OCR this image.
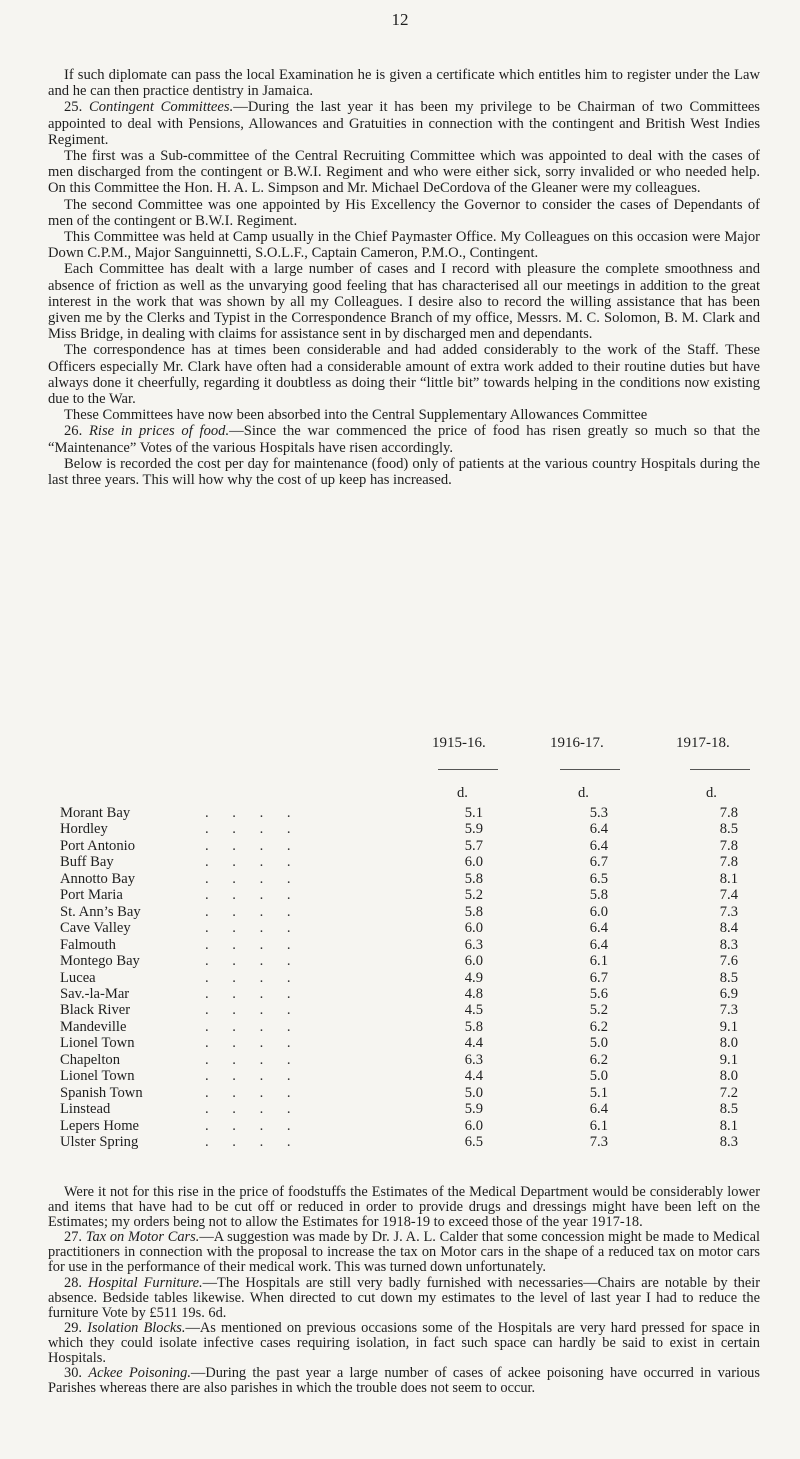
12

If such diplomate can pass the local Examination he is given a certificate which entitles him to register under the Law and he can then practice dentistry in Jamaica.

25. Contingent Committees.—During the last year it has been my privilege to be Chairman of two Committees appointed to deal with Pensions, Allowances and Gratuities in connection with the contingent and British West Indies Regiment.

The first was a Sub-committee of the Central Recruiting Committee which was appointed to deal with the cases of men discharged from the contingent or B.W.I. Regiment and who were either sick, sorry invalided or who needed help. On this Committee the Hon. H. A. L. Simpson and Mr. Michael DeCordova of the Gleaner were my colleagues.

The second Committee was one appointed by His Excellency the Governor to consider the cases of Dependants of men of the contingent or B.W.I. Regiment.

This Committee was held at Camp usually in the Chief Paymaster Office. My Colleagues on this occasion were Major Down C.P.M., Major Sanguinnetti, S.O.L.F., Captain Cameron, P.M.O., Contingent.

Each Committee has dealt with a large number of cases and I record with pleasure the complete smoothness and absence of friction as well as the unvarying good feeling that has characterised all our meetings in addition to the great interest in the work that was shown by all my Colleagues. I desire also to record the willing assistance that has been given me by the Clerks and Typist in the Correspondence Branch of my office, Messrs. M. C. Solomon, B. M. Clark and Miss Bridge, in dealing with claims for assistance sent in by discharged men and dependants.

The correspondence has at times been considerable and had added considerably to the work of the Staff. These Officers especially Mr. Clark have often had a considerable amount of extra work added to their routine duties but have always done it cheerfully, regarding it doubtless as doing their “little bit” towards helping in the conditions now existing due to the War.

These Committees have now been absorbed into the Central Supplementary Allowances Committee

26. Rise in prices of food.—Since the war commenced the price of food has risen greatly so much so that the “Maintenance” Votes of the various Hospitals have risen accordingly.

Below is recorded the cost per day for maintenance (food) only of patients at the various country Hospitals during the last three years. This will how why the cost of up keep has increased.

1915-16.	1916-17.	1917-18.
d.	d.	d.
Morant Bay	. . . .	5.1	5.3	7.8
Hordley	. . . .	5.9	6.4	8.5
Port Antonio	. . . .	5.7	6.4	7.8
Buff Bay	. . . .	6.0	6.7	7.8
Annotto Bay	. . . .	5.8	6.5	8.1
Port Maria	. . . .	5.2	5.8	7.4
St. Ann’s Bay	. . . .	5.8	6.0	7.3
Cave Valley	. . . .	6.0	6.4	8.4
Falmouth	. . . .	6.3	6.4	8.3
Montego Bay	. . . .	6.0	6.1	7.6
Lucea	. . . .	4.9	6.7	8.5
Sav.-la-Mar	. . . .	4.8	5.6	6.9
Black River	. . . .	4.5	5.2	7.3
Mandeville	. . . .	5.8	6.2	9.1
Lionel Town	. . . .	4.4	5.0	8.0
Chapelton	. . . .	6.3	6.2	9.1
Lionel Town	. . . .	4.4	5.0	8.0
Spanish Town	. . . .	5.0	5.1	7.2
Linstead	. . . .	5.9	6.4	8.5
Lepers Home	. . . .	6.0	6.1	8.1
Ulster Spring	. . . .	6.5	7.3	8.3

Were it not for this rise in the price of foodstuffs the Estimates of the Medical Department would be considerably lower and items that have had to be cut off or reduced in order to provide drugs and dressings might have been left on the Estimates; my orders being not to allow the Estimates for 1918-19 to exceed those of the year 1917-18.

27. Tax on Motor Cars.—A suggestion was made by Dr. J. A. L. Calder that some concession might be made to Medical practitioners in connection with the proposal to increase the tax on Motor cars in the shape of a reduced tax on motor cars for use in the performance of their medical work. This was turned down unfortunately.

28. Hospital Furniture.—The Hospitals are still very badly furnished with necessaries—Chairs are notable by their absence. Bedside tables likewise. When directed to cut down my estimates to the level of last year I had to reduce the furniture Vote by £511 19s. 6d.

29. Isolation Blocks.—As mentioned on previous occasions some of the Hospitals are very hard pressed for space in which they could isolate infective cases requiring isolation, in fact such space can hardly be said to exist in certain Hospitals.

30. Ackee Poisoning.—During the past year a large number of cases of ackee poisoning have occurred in various Parishes whereas there are also parishes in which the trouble does not seem to occur.
